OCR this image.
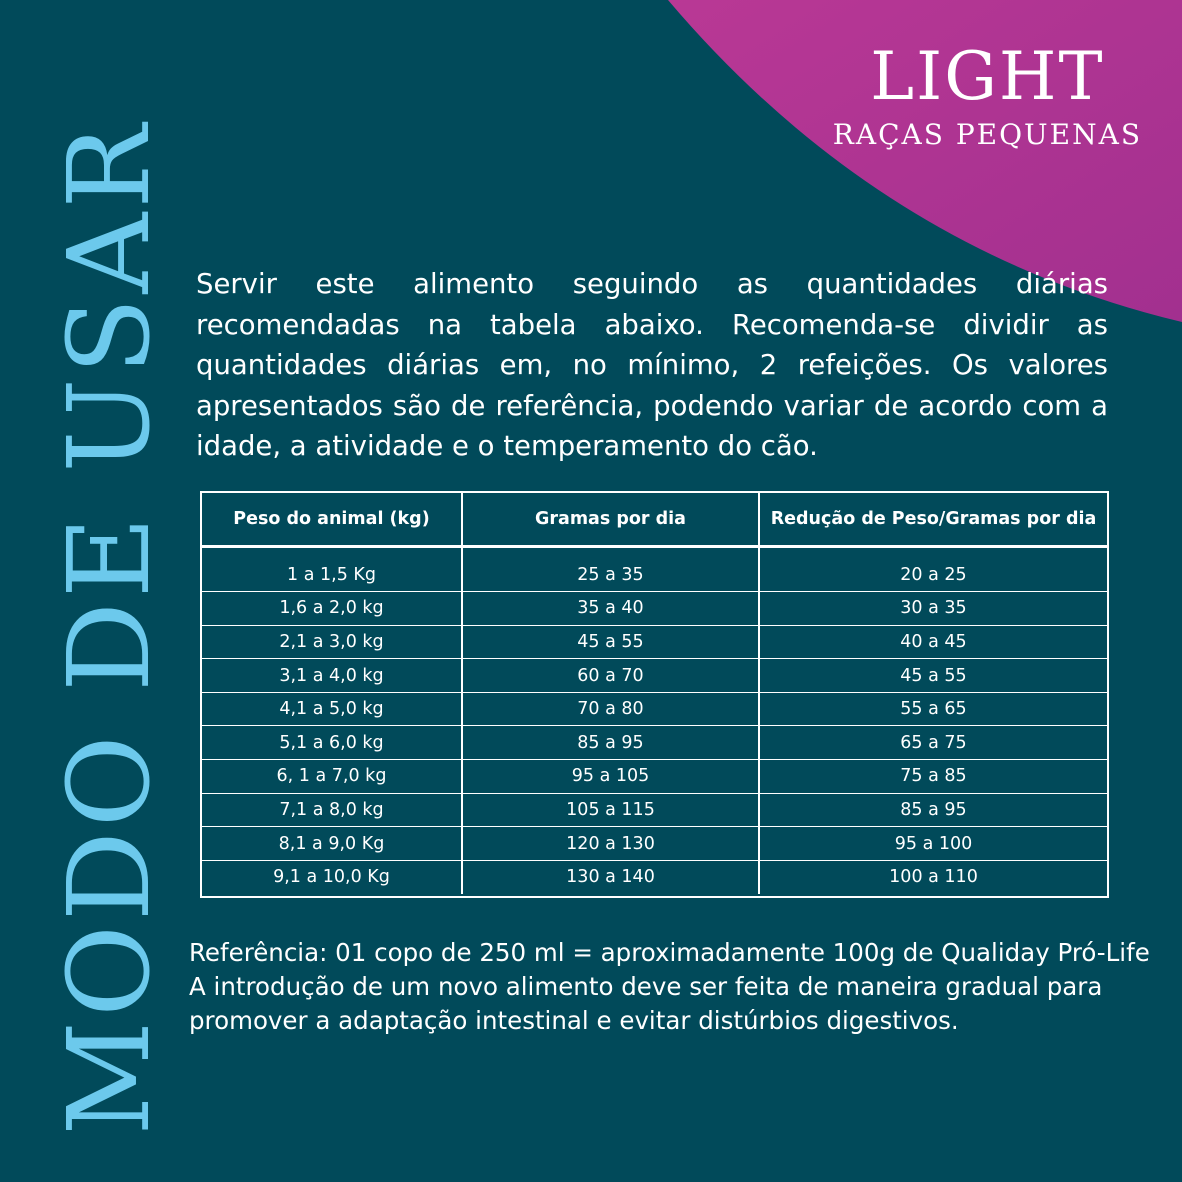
MODO DE USAR
LIGHT
RAÇAS PEQUENAS

Servir este alimento seguindo as quantidades diárias recomendadas na tabela abaixo. Recomenda-se dividir as quantidades diárias em, no mínimo, 2 refeições. Os valores apresentados são de referência, podendo variar de acordo com a idade, a atividade e o temperamento do cão.

Peso do animal (kg)	Gramas por dia	Redução de Peso/Gramas por dia

1 a 1,5 Kg	25 a 35	20 a 25
1,6 a 2,0 kg	35 a 40	30 a 35
2,1 a 3,0 kg	45 a 55	40 a 45
3,1 a 4,0 kg	60 a 70	45 a 55
4,1 a 5,0 kg	70 a 80	55 a 65
5,1 a 6,0 kg	85 a 95	65 a 75
6, 1 a 7,0 kg	95 a 105	75 a 85
7,1 a 8,0 kg	105 a 115	85 a 95
8,1 a 9,0 Kg	120 a 130	95 a 100
9,1 a 10,0 Kg	130 a 140	100 a 110

Referência: 01 copo de 250 ml = aproximadamente 100g de Qualiday Pró-Life
A introdução de um novo alimento deve ser feita de maneira gradual para
promover a adaptação intestinal e evitar distúrbios digestivos.
